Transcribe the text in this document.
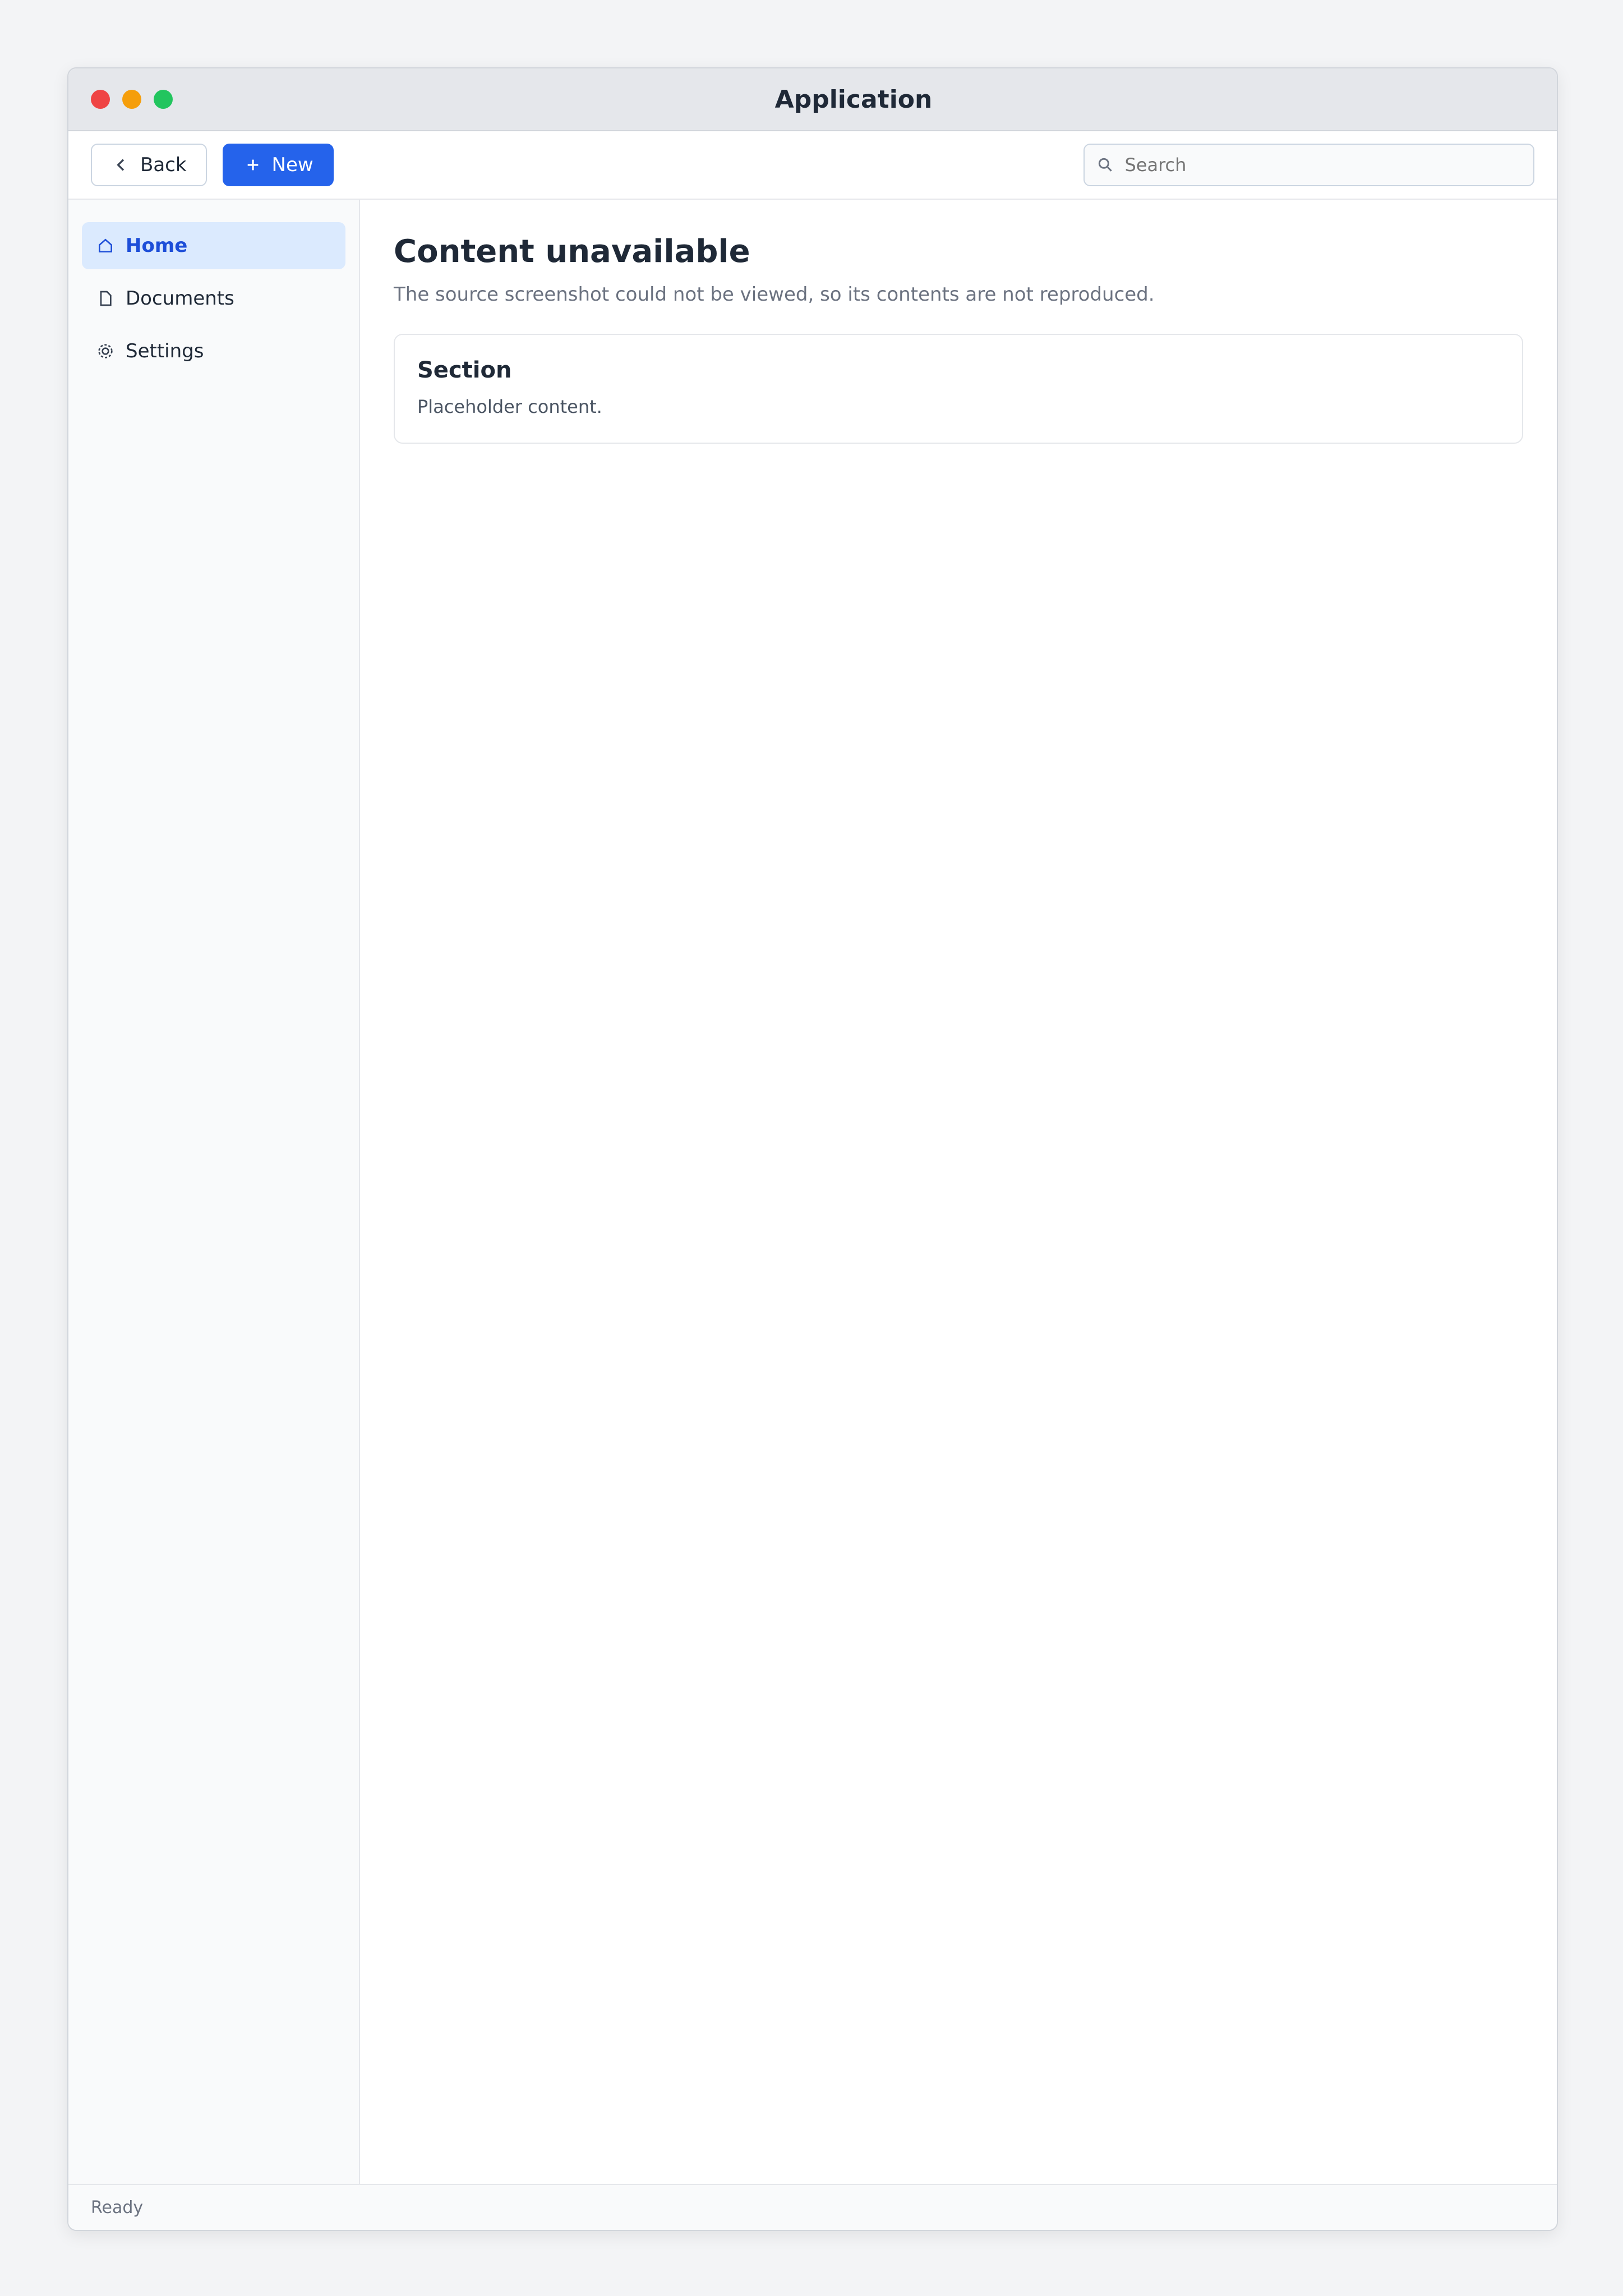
Application
Back	New
Search
Home
Documents
Settings
Content unavailable
The source screenshot could not be viewed, so its contents are not reproduced.
Section
Placeholder content.
Ready
